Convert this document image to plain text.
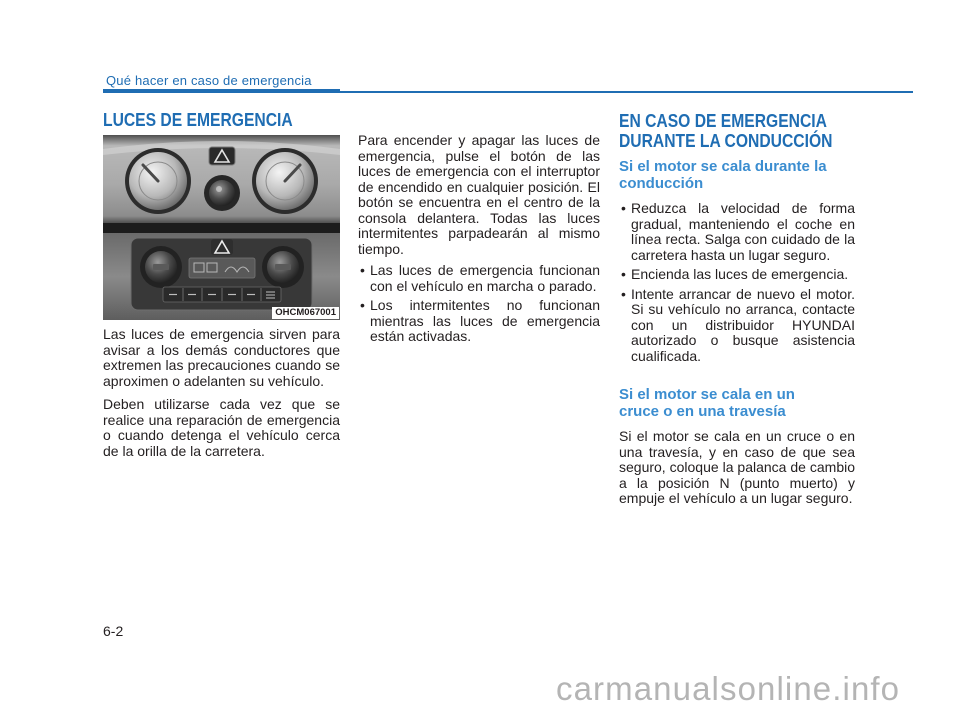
Qué hacer en caso de emergencia
LUCES DE EMERGENCIA
OHCM067001

Las luces de emergencia sirven para avisar a los demás conductores que extremen las precauciones cuando se aproximen o adelanten su vehículo.

Deben utilizarse cada vez que se realice una reparación de emergencia o cuando detenga el vehículo cerca de la orilla de la carretera.

Para encender y apagar las luces de emergencia, pulse el botón de las luces de emergencia con el interruptor de encendido en cualquier posición. El botón se encuentra en el centro de la consola delantera. Todas las luces intermitentes parpadearán al mismo tiempo.

• Las luces de emergencia funcionan con el vehículo en marcha o parado.
• Los intermitentes no funcionan mientras las luces de emergencia están activadas.
EN CASO DE EMERGENCIA
DURANTE LA CONDUCCIÓN
Si el motor se cala durante la
conducción
• Reduzca la velocidad de forma gradual, manteniendo el coche en línea recta. Salga con cuidado de la carretera hasta un lugar seguro.
• Encienda las luces de emergencia.
• Intente arrancar de nuevo el motor. Si su vehículo no arranca, contacte con un distribuidor HYUNDAI autorizado o busque asistencia cualificada.
Si el motor se cala en un
cruce o en una travesía

Si el motor se cala en un cruce o en una travesía, y en caso de que sea seguro, coloque la palanca de cambio a la posición N (punto muerto) y empuje el vehículo a un lugar seguro.

6-2
carmanualsonline.info
